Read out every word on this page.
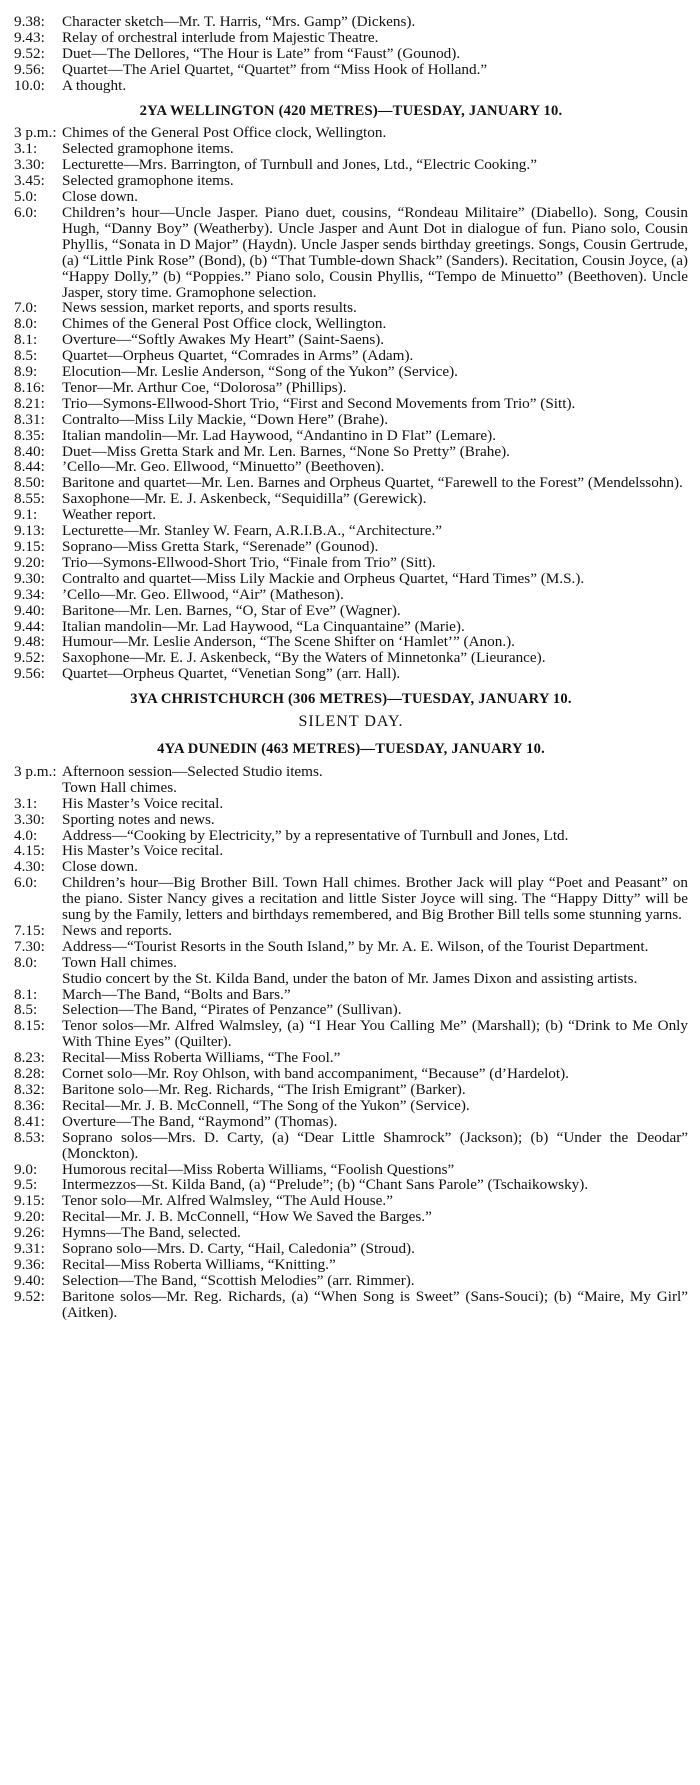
9.38:	Character sketch—Mr. T. Harris, “Mrs. Gamp” (Dickens).
9.43:	Relay of orchestral interlude from Majestic Theatre.
9.52:	Duet—The Dellores, “The Hour is Late” from “Faust” (Gounod).
9.56:	Quartet—The Ariel Quartet, “Quartet” from “Miss Hook of Holland.”
10.0:	A thought.
2YA WELLINGTON (420 METRES)—TUESDAY, JANUARY 10.
3 p.m.: Chimes of the General Post Office clock, Wellington.
3.1:	Selected gramophone items.
3.30:	Lecturette—Mrs. Barrington, of Turnbull and Jones, Ltd., “Electric Cooking.”
3.45:	Selected gramophone items.
5.0:	Close down.
6.0:	Children’s hour—Uncle Jasper. Piano duet, cousins, “Rondeau Militaire” (Diabello). Song, Cousin Hugh, “Danny Boy” (Weatherby). Uncle Jasper and Aunt Dot in dialogue of fun. Piano solo, Cousin Phyllis, “Sonata in D Major” (Haydn). Uncle Jasper sends birthday greetings. Songs, Cousin Gertrude, (a) “Little Pink Rose” (Bond), (b) “That Tumble-down Shack” (Sanders). Recitation, Cousin Joyce, (a) “Happy Dolly,” (b) “Poppies.” Piano solo, Cousin Phyllis, “Tempo de Minuetto” (Beethoven). Uncle Jasper, story time. Gramophone selection.
7.0:	News session, market reports, and sports results.
8.0:	Chimes of the General Post Office clock, Wellington.
8.1:	Overture—“Softly Awakes My Heart” (Saint-Saens).
8.5:	Quartet—Orpheus Quartet, “Comrades in Arms” (Adam).
8.9:	Elocution—Mr. Leslie Anderson, “Song of the Yukon” (Service).
8.16:	Tenor—Mr. Arthur Coe, “Dolorosa” (Phillips).
8.21:	Trio—Symons-Ellwood-Short Trio, “First and Second Movements from Trio” (Sitt).
8.31:	Contralto—Miss Lily Mackie, “Down Here” (Brahe).
8.35:	Italian mandolin—Mr. Lad Haywood, “Andantino in D Flat” (Lemare).
8.40:	Duet—Miss Gretta Stark and Mr. Len. Barnes, “None So Pretty” (Brahe).
8.44:	’Cello—Mr. Geo. Ellwood, “Minuetto” (Beethoven).
8.50:	Baritone and quartet—Mr. Len. Barnes and Orpheus Quartet, “Farewell to the Forest” (Mendelssohn).
8.55:	Saxophone—Mr. E. J. Askenbeck, “Sequidilla” (Gerewick).
9.1:	Weather report.
9.13:	Lecturette—Mr. Stanley W. Fearn, A.R.I.B.A., “Architecture.”
9.15:	Soprano—Miss Gretta Stark, “Serenade” (Gounod).
9.20:	Trio—Symons-Ellwood-Short Trio, “Finale from Trio” (Sitt).
9.30:	Contralto and quartet—Miss Lily Mackie and Orpheus Quartet, “Hard Times” (M.S.).
9.34:	’Cello—Mr. Geo. Ellwood, “Air” (Matheson).
9.40:	Baritone—Mr. Len. Barnes, “O, Star of Eve” (Wagner).
9.44:	Italian mandolin—Mr. Lad Haywood, “La Cinquantaine” (Marie).
9.48:	Humour—Mr. Leslie Anderson, “The Scene Shifter on ‘Hamlet’” (Anon.).
9.52:	Saxophone—Mr. E. J. Askenbeck, “By the Waters of Minnetonka” (Lieurance).
9.56:	Quartet—Orpheus Quartet, “Venetian Song” (arr. Hall).
3YA CHRISTCHURCH (306 METRES)—TUESDAY, JANUARY 10.
SILENT DAY.
4YA DUNEDIN (463 METRES)—TUESDAY, JANUARY 10.
3 p.m.: Afternoon session—Selected Studio items.
Town Hall chimes.
3.1:	His Master’s Voice recital.
3.30:	Sporting notes and news.
4.0:	Address—“Cooking by Electricity,” by a representative of Turnbull and Jones, Ltd.
4.15:	His Master’s Voice recital.
4.30:	Close down.
6.0:	Children’s hour—Big Brother Bill. Town Hall chimes. Brother Jack will play “Poet and Peasant” on the piano. Sister Nancy gives a recitation and little Sister Joyce will sing. The “Happy Ditty” will be sung by the Family, letters and birthdays remembered, and Big Brother Bill tells some stunning yarns.
7.15:	News and reports.
7.30:	Address—“Tourist Resorts in the South Island,” by Mr. A. E. Wilson, of the Tourist Department.
8.0:	Town Hall chimes.
Studio concert by the St. Kilda Band, under the baton of Mr. James Dixon and assisting artists.
8.1:	March—The Band, “Bolts and Bars.”
8.5:	Selection—The Band, “Pirates of Penzance” (Sullivan).
8.15:	Tenor solos—Mr. Alfred Walmsley, (a) “I Hear You Calling Me” (Marshall); (b) “Drink to Me Only With Thine Eyes” (Quilter).
8.23:	Recital—Miss Roberta Williams, “The Fool.”
8.28:	Cornet solo—Mr. Roy Ohlson, with band accompaniment, “Because” (d’Hardelot).
8.32:	Baritone solo—Mr. Reg. Richards, “The Irish Emigrant” (Barker).
8.36:	Recital—Mr. J. B. McConnell, “The Song of the Yukon” (Service).
8.41:	Overture—The Band, “Raymond” (Thomas).
8.53:	Soprano solos—Mrs. D. Carty, (a) “Dear Little Shamrock” (Jackson); (b) “Under the Deodar” (Monckton).
9.0:	Humorous recital—Miss Roberta Williams, “Foolish Questions”
9.5:	Intermezzos—St. Kilda Band, (a) “Prelude”; (b) “Chant Sans Parole” (Tschaikowsky).
9.15:	Tenor solo—Mr. Alfred Walmsley, “The Auld House.”
9.20:	Recital—Mr. J. B. McConnell, “How We Saved the Barges.”
9.26:	Hymns—The Band, selected.
9.31:	Soprano solo—Mrs. D. Carty, “Hail, Caledonia” (Stroud).
9.36:	Recital—Miss Roberta Williams, “Knitting.”
9.40:	Selection—The Band, “Scottish Melodies” (arr. Rimmer).
9.52:	Baritone solos—Mr. Reg. Richards, (a) “When Song is Sweet” (Sans-Souci); (b) “Maire, My Girl” (Aitken).
